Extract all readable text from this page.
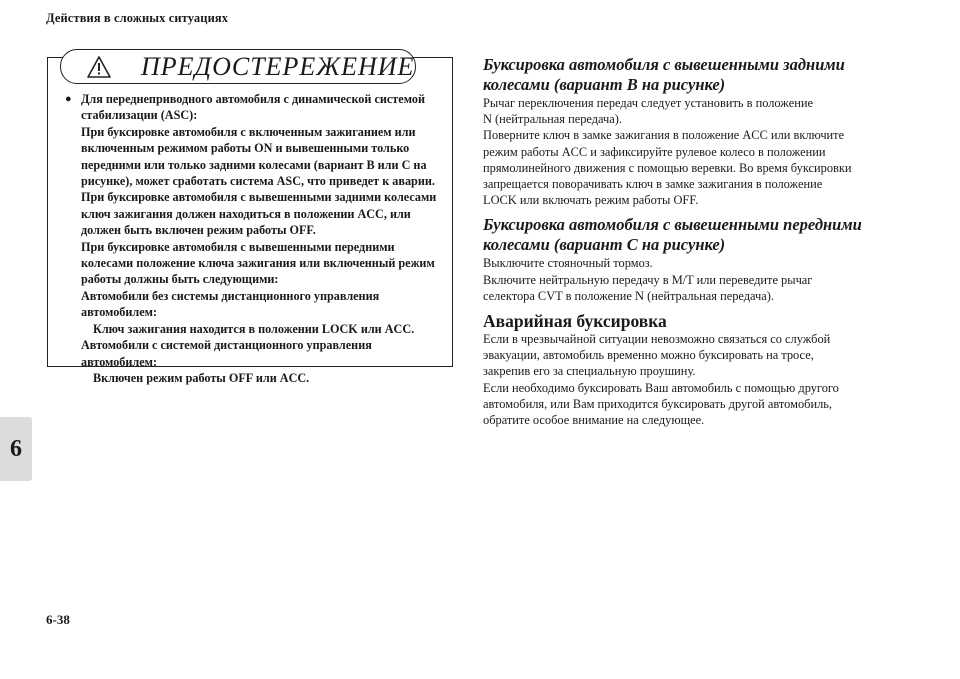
Действия в сложных ситуациях
6
6-38
ПРЕДОСТЕРЕЖЕНИЕ
● Для переднеприводного автомобиля с динамической системой
стабилизации (ASC):
При буксировке автомобиля с включенным зажиганием или
включенным режимом работы ON и вывешенными только
передними или только задними колесами (вариант B или C на
рисунке), может сработать система ASC, что приведет к аварии.
При буксировке автомобиля с вывешенными задними колесами
ключ зажигания должен находиться в положении ACC, или
должен быть включен режим работы OFF.
При буксировке автомобиля с вывешенными передними
колесами положение ключа зажигания или включенный режим
работы должны быть следующими:
Автомобили без системы дистанционного управления
автомобилем:
Ключ зажигания находится в положении LOCK или ACC.
Автомобили с системой дистанционного управления
автомобилем:
Включен режим работы OFF или ACC.
Буксировка автомобиля с вывешенными задними
колесами (вариант B на рисунке)
Рычаг переключения передач следует установить в положение
N (нейтральная передача).
Поверните ключ в замке зажигания в положение ACC или включите
режим работы ACC и зафиксируйте рулевое колесо в положении
прямолинейного движения с помощью веревки. Во время буксировки
запрещается поворачивать ключ в замке зажигания в положение
LOCK или включать режим работы OFF.
Буксировка автомобиля с вывешенными передними
колесами (вариант C на рисунке)
Выключите стояночный тормоз.
Включите нейтральную передачу в M/T или переведите рычаг
селектора CVT в положение N (нейтральная передача).
Аварийная буксировка
Если в чрезвычайной ситуации невозможно связаться со службой
эвакуации, автомобиль временно можно буксировать на тросе,
закрепив его за специальную проушину.
Если необходимо буксировать Ваш автомобиль с помощью другого
автомобиля, или Вам приходится буксировать другой автомобиль,
обратите особое внимание на следующее.
